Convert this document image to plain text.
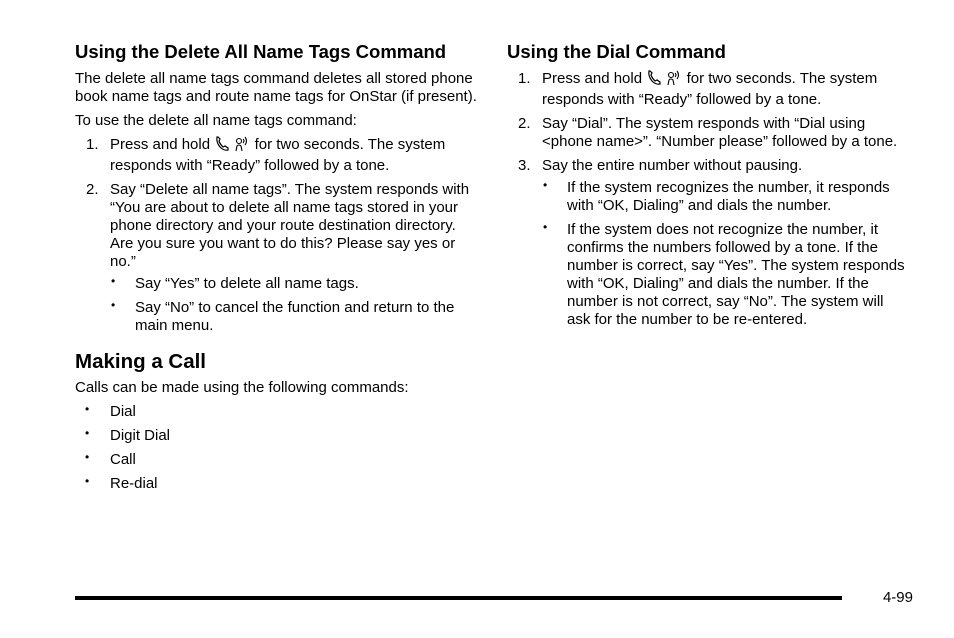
Using the Delete All Name Tags Command

The delete all name tags command deletes all stored phone book name tags and route name tags for OnStar (if present).

To use the delete all name tags command:

1. Press and hold	for two seconds. The system responds with “Ready” followed by a tone.
2. Say “Delete all name tags”. The system responds with “You are about to delete all name tags stored in your phone directory and your route destination directory. Are you sure you want to do this? Please say yes or no.”
• Say “Yes” to delete all name tags.
• Say “No” to cancel the function and return to the main menu.
Making a Call

Calls can be made using the following commands:

• Dial
• Digit Dial
• Call
• Re-dial
Using the Dial Command
1. Press and hold	for two seconds. The system responds with “Ready” followed by a tone.
2. Say “Dial”. The system responds with “Dial using <phone name>”. “Number please” followed by a tone.
3. Say the entire number without pausing.
• If the system recognizes the number, it responds with “OK, Dialing” and dials the number.
• If the system does not recognize the number, it confirms the numbers followed by a tone. If the number is correct, say “Yes”. The system responds with “OK, Dialing” and dials the number. If the number is not correct, say “No”. The system will ask for the number to be re-entered.
4-99
